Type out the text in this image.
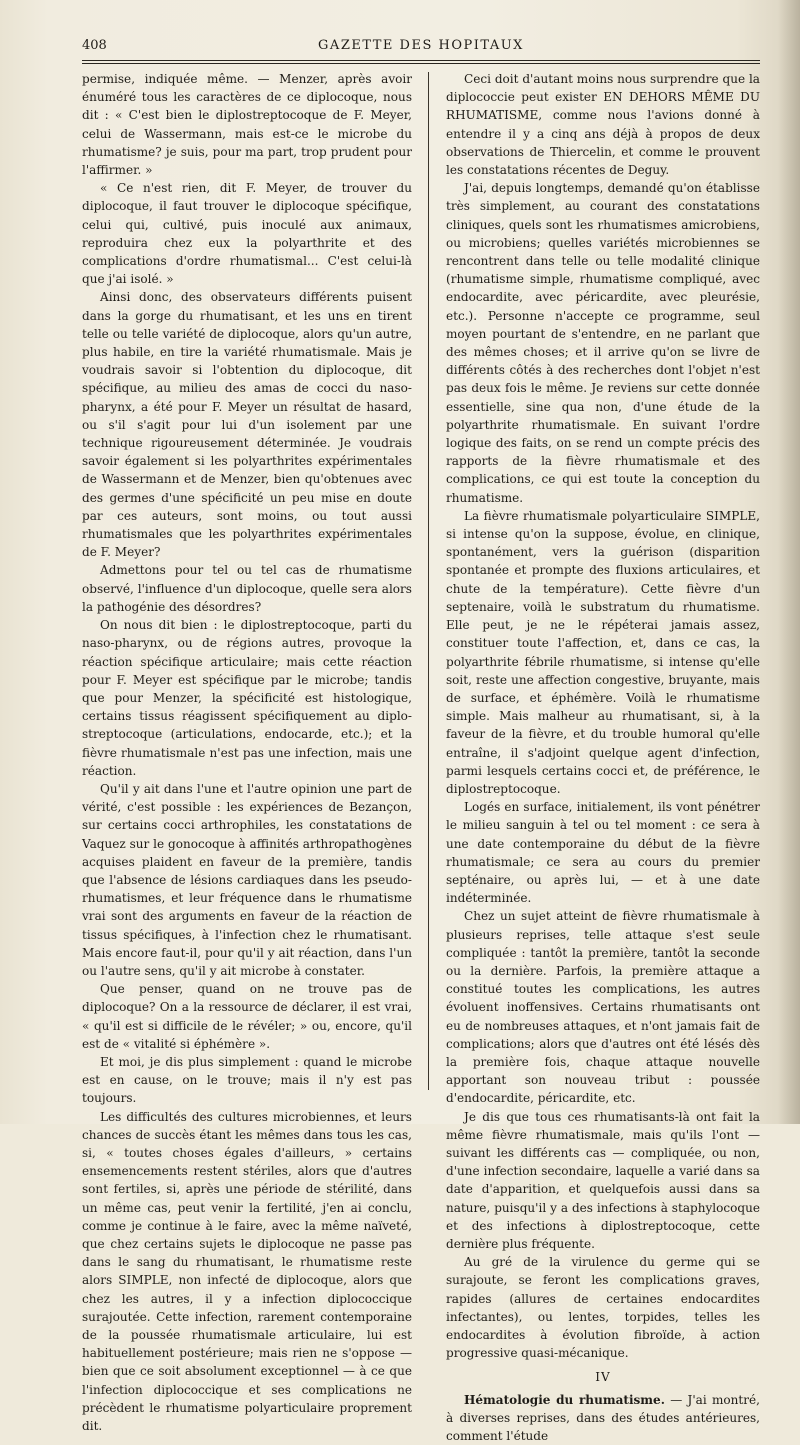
408	GAZETTE DES HOPITAUX

permise, indiquée même. — Menzer, après avoir énuméré tous les caractères de ce diplocoque, nous dit : « C'est bien le diplostreptocoque de F. Meyer, celui de Wassermann, mais est-ce le microbe du rhumatisme? je suis, pour ma part, trop prudent pour l'affirmer. »

« Ce n'est rien, dit F. Meyer, de trouver du diplocoque, il faut trouver le diplocoque spécifique, celui qui, cultivé, puis inoculé aux animaux, reproduira chez eux la polyarthrite et des complications d'ordre rhumatismal... C'est celui-là que j'ai isolé. »

Ainsi donc, des observateurs différents puisent dans la gorge du rhumatisant, et les uns en tirent telle ou telle variété de diplocoque, alors qu'un autre, plus habile, en tire la variété rhumatismale. Mais je voudrais savoir si l'obtention du diplocoque, dit spécifique, au milieu des amas de cocci du naso-pharynx, a été pour F. Meyer un résultat de hasard, ou s'il s'agit pour lui d'un isolement par une technique rigoureusement déterminée. Je voudrais savoir également si les polyarthrites expérimentales de Wassermann et de Menzer, bien qu'obtenues avec des germes d'une spécificité un peu mise en doute par ces auteurs, sont moins, ou tout aussi rhumatismales que les polyarthrites expérimentales de F. Meyer?

Admettons pour tel ou tel cas de rhumatisme observé, l'influence d'un diplocoque, quelle sera alors la pathogénie des désordres?

On nous dit bien : le diplostreptocoque, parti du naso-pharynx, ou de régions autres, provoque la réaction spécifique articulaire; mais cette réaction pour F. Meyer est spécifique par le microbe; tandis que pour Menzer, la spécificité est histologique, certains tissus réagissent spécifiquement au diplo-streptocoque (articulations, endocarde, etc.); et la fièvre rhumatismale n'est pas une infection, mais une réaction.

Qu'il y ait dans l'une et l'autre opinion une part de vérité, c'est possible : les expériences de Bezançon, sur certains cocci arthrophiles, les constatations de Vaquez sur le gonocoque à affinités arthropathogènes acquises plaident en faveur de la première, tandis que l'absence de lésions cardiaques dans les pseudo-rhumatismes, et leur fréquence dans le rhumatisme vrai sont des arguments en faveur de la réaction de tissus spécifiques, à l'infection chez le rhumatisant. Mais encore faut-il, pour qu'il y ait réaction, dans l'un ou l'autre sens, qu'il y ait microbe à constater.

Que penser, quand on ne trouve pas de diplocoque? On a la ressource de déclarer, il est vrai, « qu'il est si difficile de le révéler; » ou, encore, qu'il est de « vitalité si éphémère ».

Et moi, je dis plus simplement : quand le microbe est en cause, on le trouve; mais il n'y est pas toujours.

Les difficultés des cultures microbiennes, et leurs chances de succès étant les mêmes dans tous les cas, si, « toutes choses égales d'ailleurs, » certains ensemencements restent stériles, alors que d'autres sont fertiles, si, après une période de stérilité, dans un même cas, peut venir la fertilité, j'en ai conclu, comme je continue à le faire, avec la même naïveté, que chez certains sujets le diplocoque ne passe pas dans le sang du rhumatisant, le rhumatisme reste alors SIMPLE, non infecté de diplocoque, alors que chez les autres, il y a infection diplococcique surajoutée. Cette infection, rarement contemporaine de la poussée rhumatismale articulaire, lui est habituellement postérieure; mais rien ne s'oppose — bien que ce soit absolument exceptionnel — à ce que l'infection diplococcique et ses complications ne précèdent le rhumatisme polyarticulaire proprement dit.

Ceci doit d'autant moins nous surprendre que la diplococcie peut exister EN DEHORS MÊME DU RHUMATISME, comme nous l'avions donné à entendre il y a cinq ans déjà à propos de deux observations de Thiercelin, et comme le prouvent les constatations récentes de Deguy.

J'ai, depuis longtemps, demandé qu'on établisse très simplement, au courant des constatations cliniques, quels sont les rhumatismes amicrobiens, ou microbiens; quelles variétés microbiennes se rencontrent dans telle ou telle modalité clinique (rhumatisme simple, rhumatisme compliqué, avec endocardite, avec péricardite, avec pleurésie, etc.). Personne n'accepte ce programme, seul moyen pourtant de s'entendre, en ne parlant que des mêmes choses; et il arrive qu'on se livre de différents côtés à des recherches dont l'objet n'est pas deux fois le même. Je reviens sur cette donnée essentielle, sine qua non, d'une étude de la polyarthrite rhumatismale. En suivant l'ordre logique des faits, on se rend un compte précis des rapports de la fièvre rhumatismale et des complications, ce qui est toute la conception du rhumatisme.

La fièvre rhumatismale polyarticulaire SIMPLE, si intense qu'on la suppose, évolue, en clinique, spontanément, vers la guérison (disparition spontanée et prompte des fluxions articulaires, et chute de la température). Cette fièvre d'un septenaire, voilà le substratum du rhumatisme. Elle peut, je ne le répéterai jamais assez, constituer toute l'affection, et, dans ce cas, la polyarthrite fébrile rhumatisme, si intense qu'elle soit, reste une affection congestive, bruyante, mais de surface, et éphémère. Voilà le rhumatisme simple. Mais malheur au rhumatisant, si, à la faveur de la fièvre, et du trouble humoral qu'elle entraîne, il s'adjoint quelque agent d'infection, parmi lesquels certains cocci et, de préférence, le diplostreptocoque.

Logés en surface, initialement, ils vont pénétrer le milieu sanguin à tel ou tel moment : ce sera à une date contemporaine du début de la fièvre rhumatismale; ce sera au cours du premier septénaire, ou après lui, — et à une date indéterminée.

Chez un sujet atteint de fièvre rhumatismale à plusieurs reprises, telle attaque s'est seule compliquée : tantôt la première, tantôt la seconde ou la dernière. Parfois, la première attaque a constitué toutes les complications, les autres évoluent inoffensives. Certains rhumatisants ont eu de nombreuses attaques, et n'ont jamais fait de complications; alors que d'autres ont été lésés dès la première fois, chaque attaque nouvelle apportant son nouveau tribut : poussée d'endocardite, péricardite, etc.

Je dis que tous ces rhumatisants-là ont fait la même fièvre rhumatismale, mais qu'ils l'ont — suivant les différents cas — compliquée, ou non, d'une infection secondaire, laquelle a varié dans sa date d'apparition, et quelquefois aussi dans sa nature, puisqu'il y a des infections à staphylocoque et des infections à diplostreptocoque, cette dernière plus fréquente.

Au gré de la virulence du germe qui se surajoute, se feront les complications graves, rapides (allures de certaines endocardites infectantes), ou lentes, torpides, telles les endocardites à évolution fibroïde, à action progressive quasi-mécanique.

IV

Hématologie du rhumatisme. — J'ai montré, à diverses reprises, dans des études antérieures, comment l'étude
